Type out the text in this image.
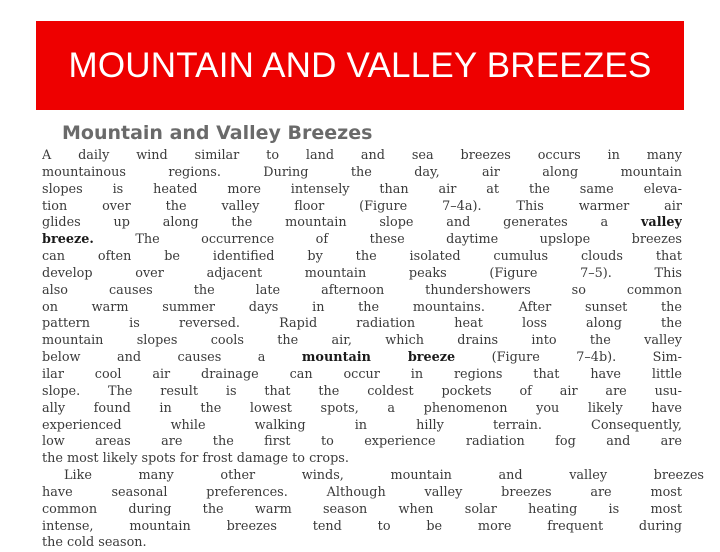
MOUNTAIN AND VALLEY BREEZES
Mountain and Valley Breezes
A daily wind similar to land and sea breezes occurs in many
mountainous regions. During the day, air along mountain
slopes is heated more intensely than air at the same eleva-
tion over the valley floor (Figure 7–4a). This warmer air
glides up along the mountain slope and generates a valley
breeze. The occurrence of these daytime upslope breezes
can often be identified by the isolated cumulus clouds that
develop over adjacent mountain peaks (Figure 7–5). This
also causes the late afternoon thundershowers so common
on warm summer days in the mountains. After sunset the
pattern is reversed. Rapid radiation heat loss along the
mountain slopes cools the air, which drains into the valley
below and causes a mountain breeze (Figure 7–4b). Sim-
ilar cool air drainage can occur in regions that have little
slope. The result is that the coldest pockets of air are usu-
ally found in the lowest spots, a phenomenon you likely have
experienced while walking in hilly terrain. Consequently,
low areas are the first to experience radiation fog and are
the most likely spots for frost damage to crops.
Like many other winds, mountain and valley breezes
have seasonal preferences. Although valley breezes are most
common during the warm season when solar heating is most
intense, mountain breezes tend to be more frequent during
the cold season.
